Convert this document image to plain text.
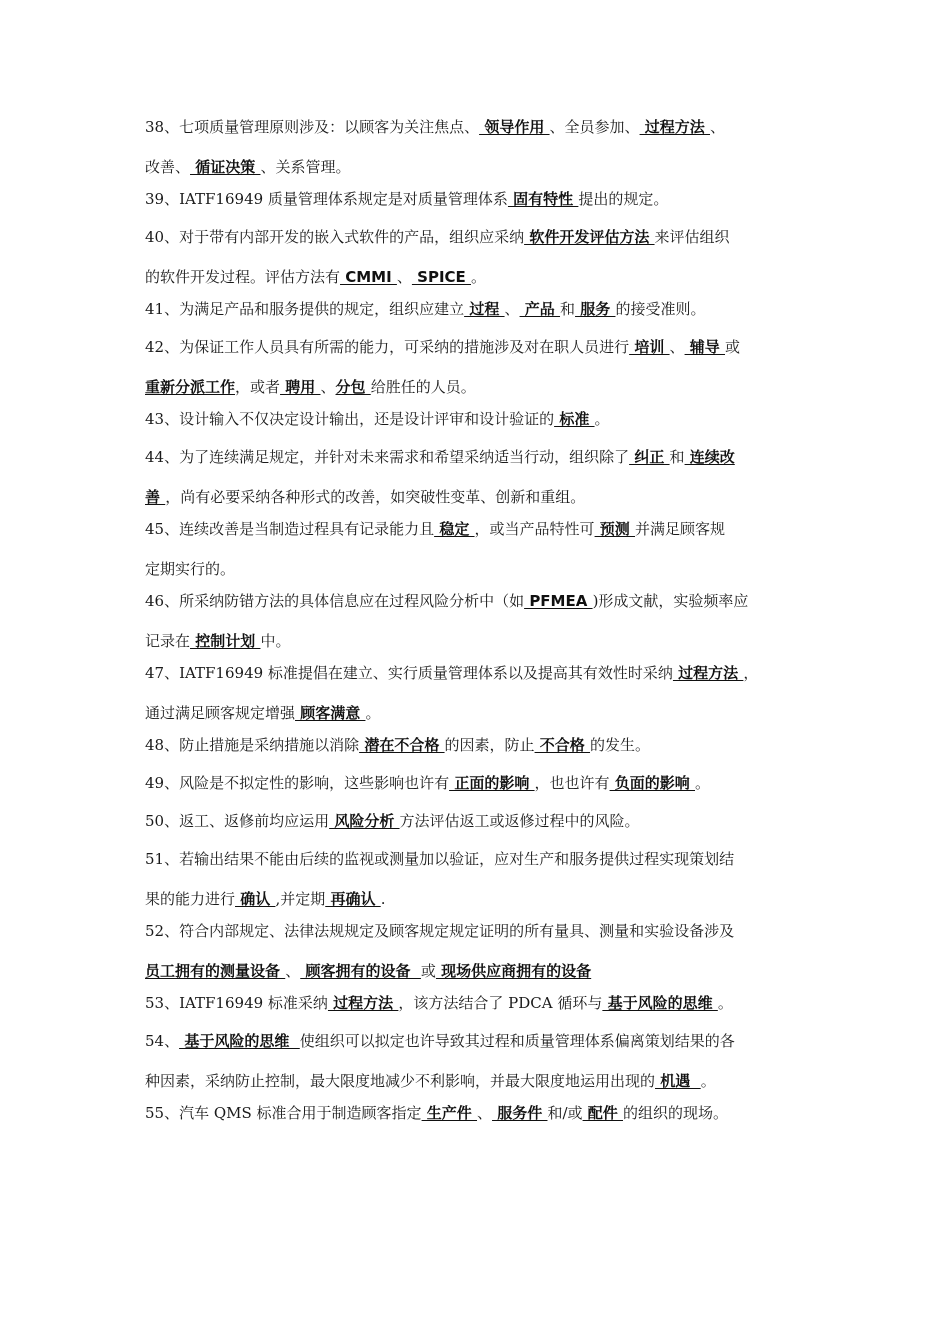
38、七项质量管理原则涉及：以顾客为关注焦点、 领导作用 、全员参加、 过程方法 、
改善、 循证决策 、关系管理。
39、IATF16949 质量管理体系规定是对质量管理体系 固有特性 提出的规定。
40、对于带有内部开发的嵌入式软件的产品，组织应采纳 软件开发评估方法 来评估组织
的软件开发过程。评估方法有 CMMI 、 SPICE 。
41、为满足产品和服务提供的规定，组织应建立 过程 、 产品 和 服务 的接受准则。
42、为保证工作人员具有所需的能力，可采纳的措施涉及对在职人员进行 培训 、 辅导 或
重新分派工作，或者 聘用 、分包 给胜任的人员。
43、设计输入不仅决定设计输出，还是设计评审和设计验证的 标准 。
44、为了连续满足规定，并针对未来需求和希望采纳适当行动，组织除了 纠正 和 连续改
善 ，尚有必要采纳各种形式的改善，如突破性变革、创新和重组。
45、连续改善是当制造过程具有记录能力且 稳定 ，或当产品特性可 预测 并满足顾客规
定期实行的。
46、所采纳防错方法的具体信息应在过程风险分析中（如 PFMEA )形成文献，实验频率应
记录在 控制计划 中。
47、IATF16949 标准提倡在建立、实行质量管理体系以及提高其有效性时采纳 过程方法 ，
通过满足顾客规定增强 顾客满意 。
48、防止措施是采纳措施以消除 潜在不合格 的因素，防止 不合格 的发生。
49、风险是不拟定性的影响，这些影响也许有 正面的影响 ，也也许有 负面的影响 。
50、返工、返修前均应运用 风险分析 方法评估返工或返修过程中的风险。
51、若输出结果不能由后续的监视或测量加以验证，应对生产和服务提供过程实现策划结
果的能力进行 确认 ,并定期 再确认 .
52、符合内部规定、法律法规规定及顾客规定规定证明的所有量具、测量和实验设备涉及
员工拥有的测量设备 、 顾客拥有的设备  或 现场供应商拥有的设备
53、IATF16949 标准采纳 过程方法 ，该方法结合了 PDCA 循环与 基于风险的思维 。
54、 基于风险的思维  使组织可以拟定也许导致其过程和质量管理体系偏离策划结果的各
种因素，采纳防止控制，最大限度地减少不利影响，并最大限度地运用出现的 机遇  。
55、汽车 QMS 标准合用于制造顾客指定 生产件 、 服务件 和/或 配件 的组织的现场。
